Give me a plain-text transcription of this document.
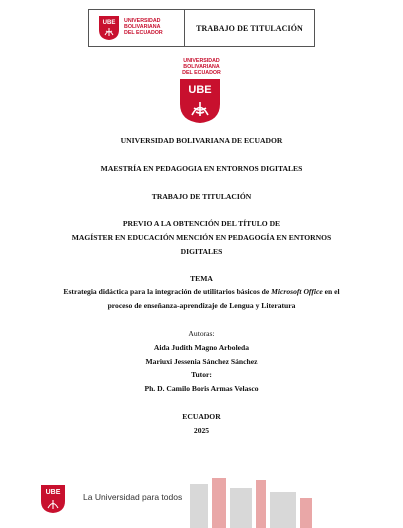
UBE UNIVERSIDAD
BOLIVARIANA
DEL ECUADOR
TRABAJO DE TITULACIÓN
UNIVERSIDAD
BOLIVARIANA
DEL ECUADOR
UBE
UNIVERSIDAD BOLIVARIANA DE ECUADOR
MAESTRÍA EN PEDAGOGIA EN ENTORNOS DIGITALES
TRABAJO DE TITULACIÓN
PREVIO A LA OBTENCIÓN DEL TÍTULO DE
MAGÍSTER EN EDUCACIÓN MENCIÓN EN PEDAGOGÍA EN ENTORNOS
DIGITALES
TEMA
Estrategia didáctica para la integración de utilitarios básicos de Microsoft Office en el
proceso de enseñanza-aprendizaje de Lengua y Literatura
Autoras:
Aida Judith Magno Arboleda
Mariuxi Jessenia Sánchez Sánchez
Tutor:
Ph. D. Camilo Boris Armas Velasco
ECUADOR
2025
UBE	La Universidad para todos
